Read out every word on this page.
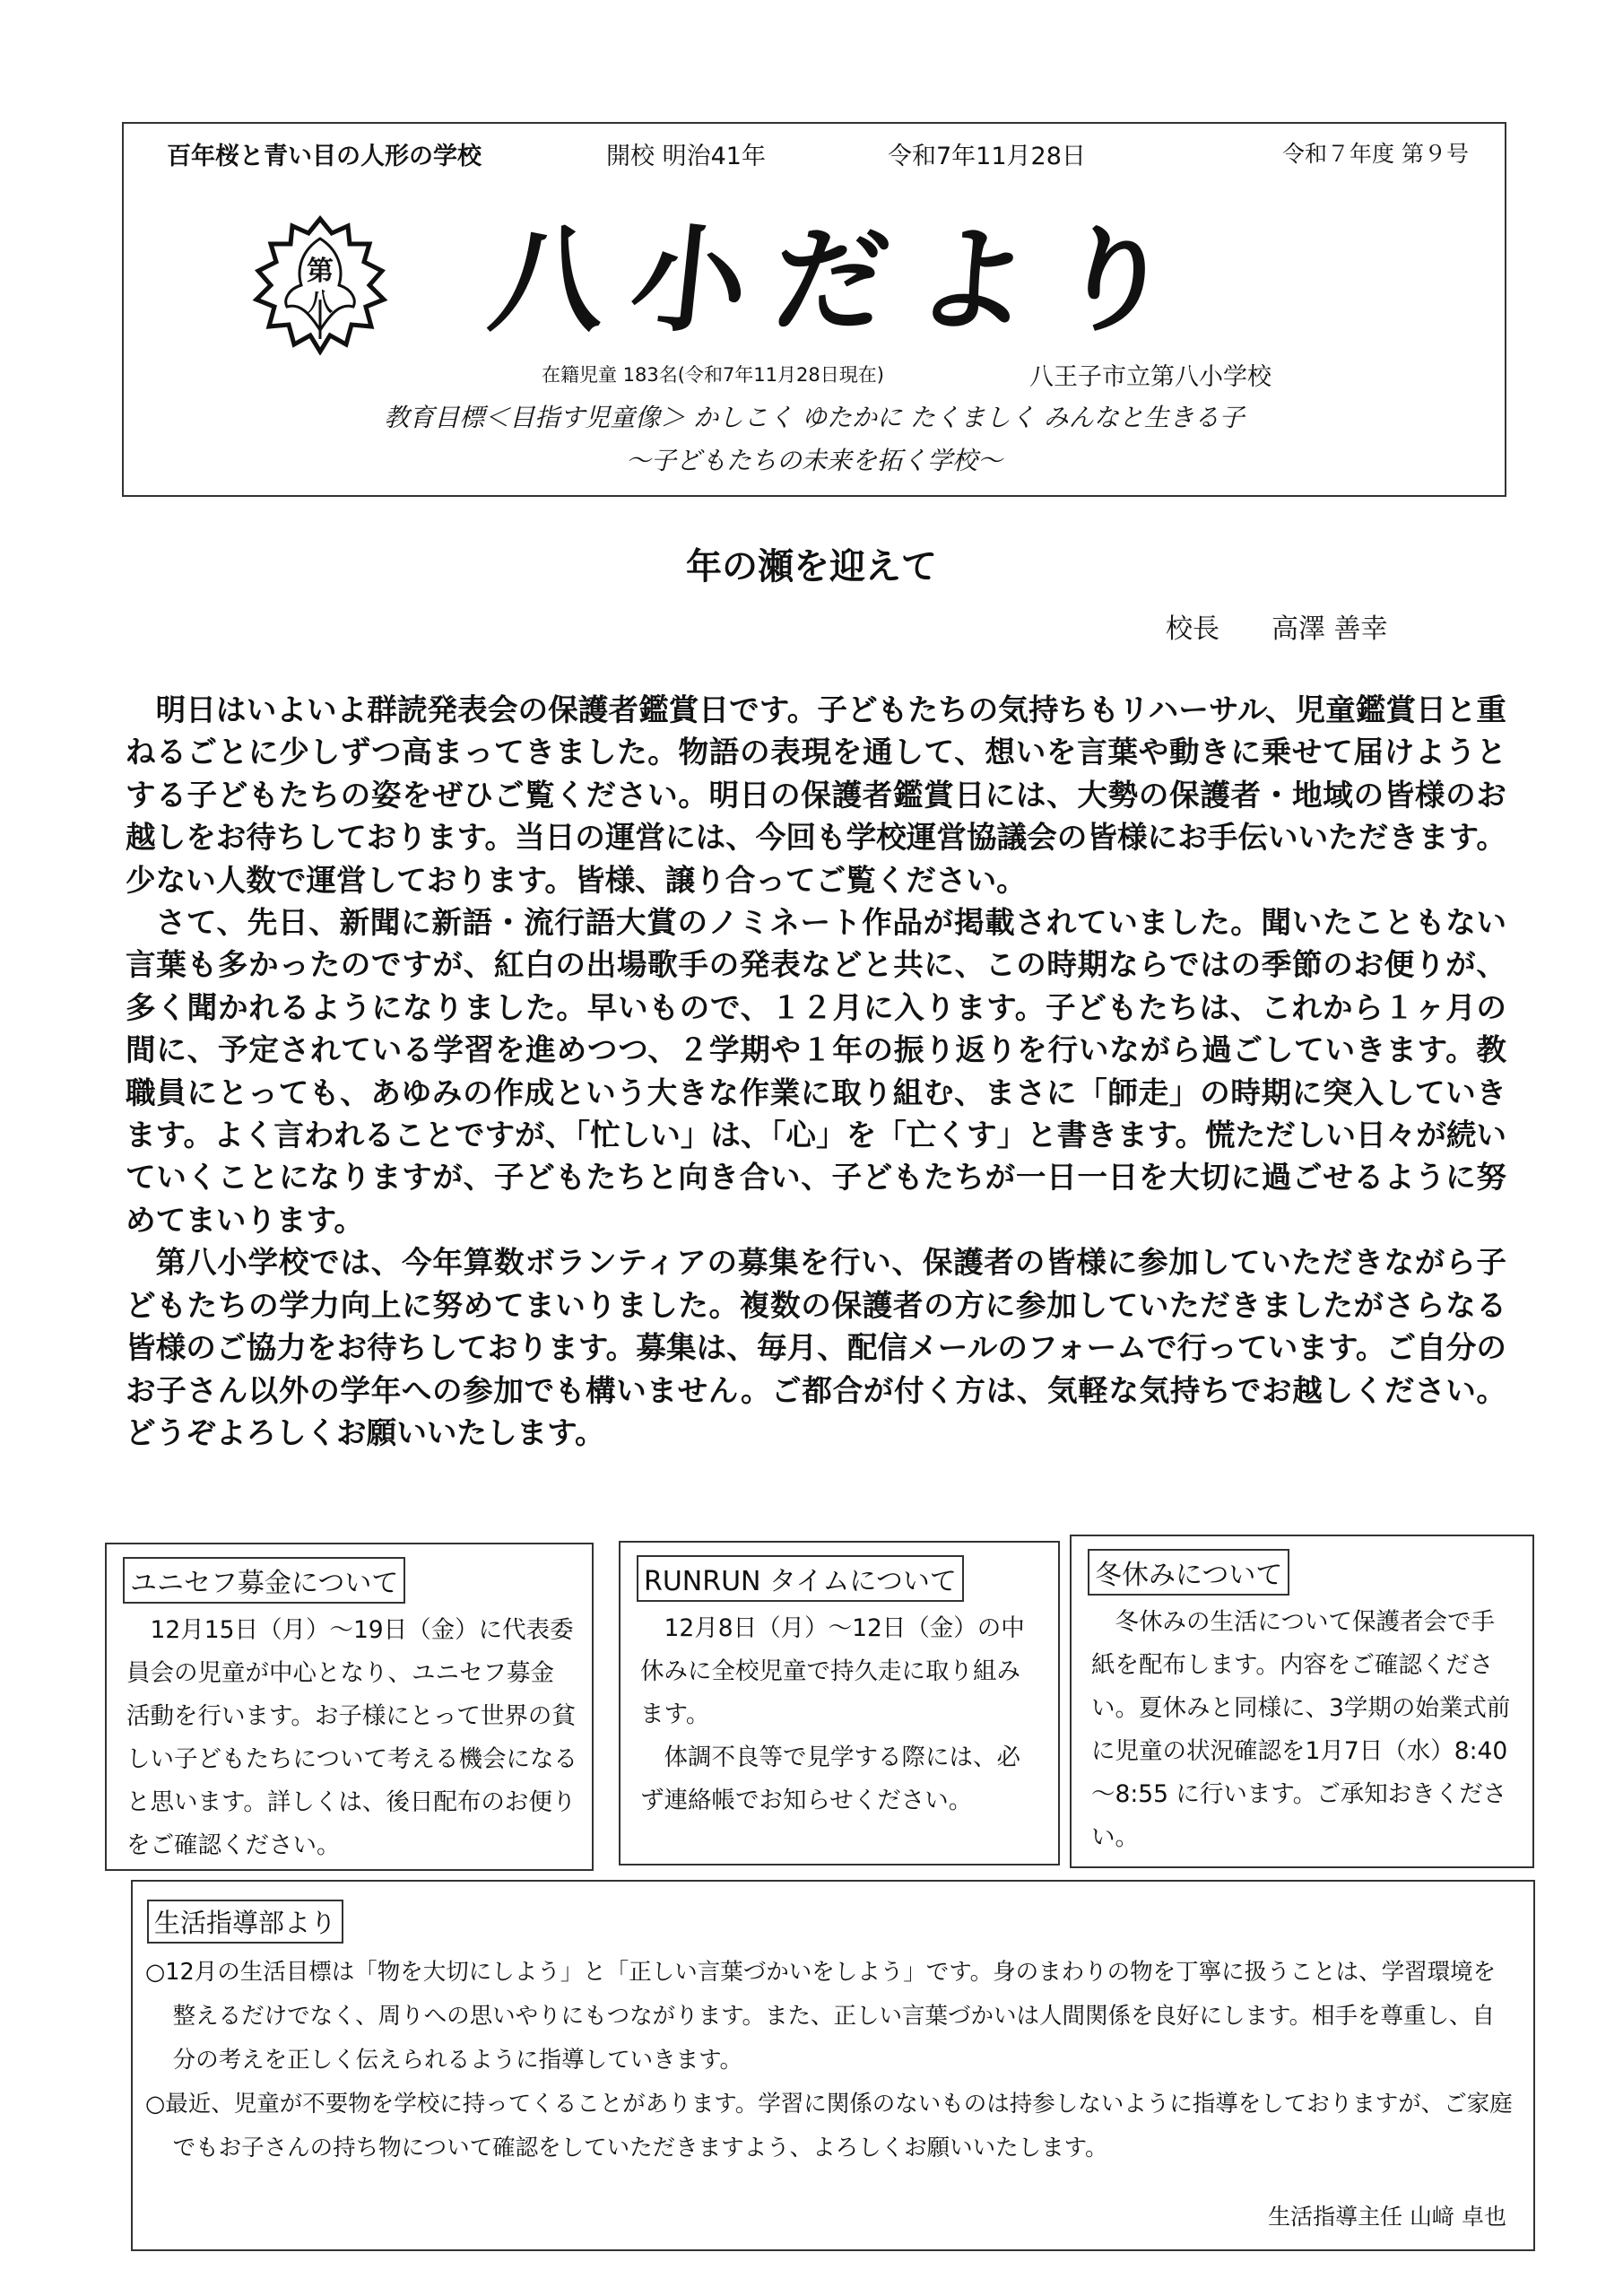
百年桜と青い目の人形の学校	開校 明治41年	令和7年11月28日	令和７年度 第９号
第
八 八小だより
在籍児童 183名(令和7年11月28日現在)	八王子市立第八小学校
教育目標＜目指す児童像＞ かしこく ゆたかに たくましく みんなと生きる子
～子どもたちの未来を拓く学校～
年の瀬を迎えて
校長 高澤 善幸

明日はいよいよ群読発表会の保護者鑑賞日です。子どもたちの気持ちもリハーサル、児童鑑賞日と重ねるごとに少しずつ高まってきました。物語の表現を通して、想いを言葉や動きに乗せて届けようとする子どもたちの姿をぜひご覧ください。明日の保護者鑑賞日には、大勢の保護者・地域の皆様のお越しをお待ちしております。当日の運営には、今回も学校運営協議会の皆様にお手伝いいただきます。少ない人数で運営しております。皆様、譲り合ってご覧ください。

さて、先日、新聞に新語・流行語大賞のノミネート作品が掲載されていました。聞いたこともない言葉も多かったのですが、紅白の出場歌手の発表などと共に、この時期ならではの季節のお便りが、多く聞かれるようになりました。早いもので、１２月に入ります。子どもたちは、これから１ヶ月の間に、予定されている学習を進めつつ、２学期や１年の振り返りを行いながら過ごしていきます。教職員にとっても、あゆみの作成という大きな作業に取り組む、まさに「師走」の時期に突入していきます。よく言われることですが、「忙しい」は、「心」を「亡くす」と書きます。慌ただしい日々が続いていくことになりますが、子どもたちと向き合い、子どもたちが一日一日を大切に過ごせるように努めてまいります。

第八小学校では、今年算数ボランティアの募集を行い、保護者の皆様に参加していただきながら子どもたちの学力向上に努めてまいりました。複数の保護者の方に参加していただきましたがさらなる皆様のご協力をお待ちしております。募集は、毎月、配信メールのフォームで行っています。ご自分のお子さん以外の学年への参加でも構いません。ご都合が付く方は、気軽な気持ちでお越しください。どうぞよろしくお願いいたします。

ユニセフ募金について

12月15日（月）～19日（金）に代表委員会の児童が中心となり、ユニセフ募金活動を行います。お子様にとって世界の貧しい子どもたちについて考える機会になると思います。詳しくは、後日配布のお便りをご確認ください。

RUNRUN タイムについて

12月8日（月）～12日（金）の中休みに全校児童で持久走に取り組みます。

体調不良等で見学する際には、必ず連絡帳でお知らせください。

冬休みについて

冬休みの生活について保護者会で手紙を配布します。内容をご確認ください。夏休みと同様に、3学期の始業式前に児童の状況確認を1月7日（水）8:40～8:55 に行います。ご承知おきください。

生活指導部より
○12月の生活目標は「物を大切にしよう」と「正しい言葉づかいをしよう」です。身のまわりの物を丁寧に扱うことは、学習環境を整えるだけでなく、周りへの思いやりにもつながります。また、正しい言葉づかいは人間関係を良好にします。相手を尊重し、自分の考えを正しく伝えられるように指導していきます。
○最近、児童が不要物を学校に持ってくることがあります。学習に関係のないものは持参しないように指導をしておりますが、ご家庭でもお子さんの持ち物について確認をしていただきますよう、よろしくお願いいたします。
生活指導主任 山﨑 卓也
